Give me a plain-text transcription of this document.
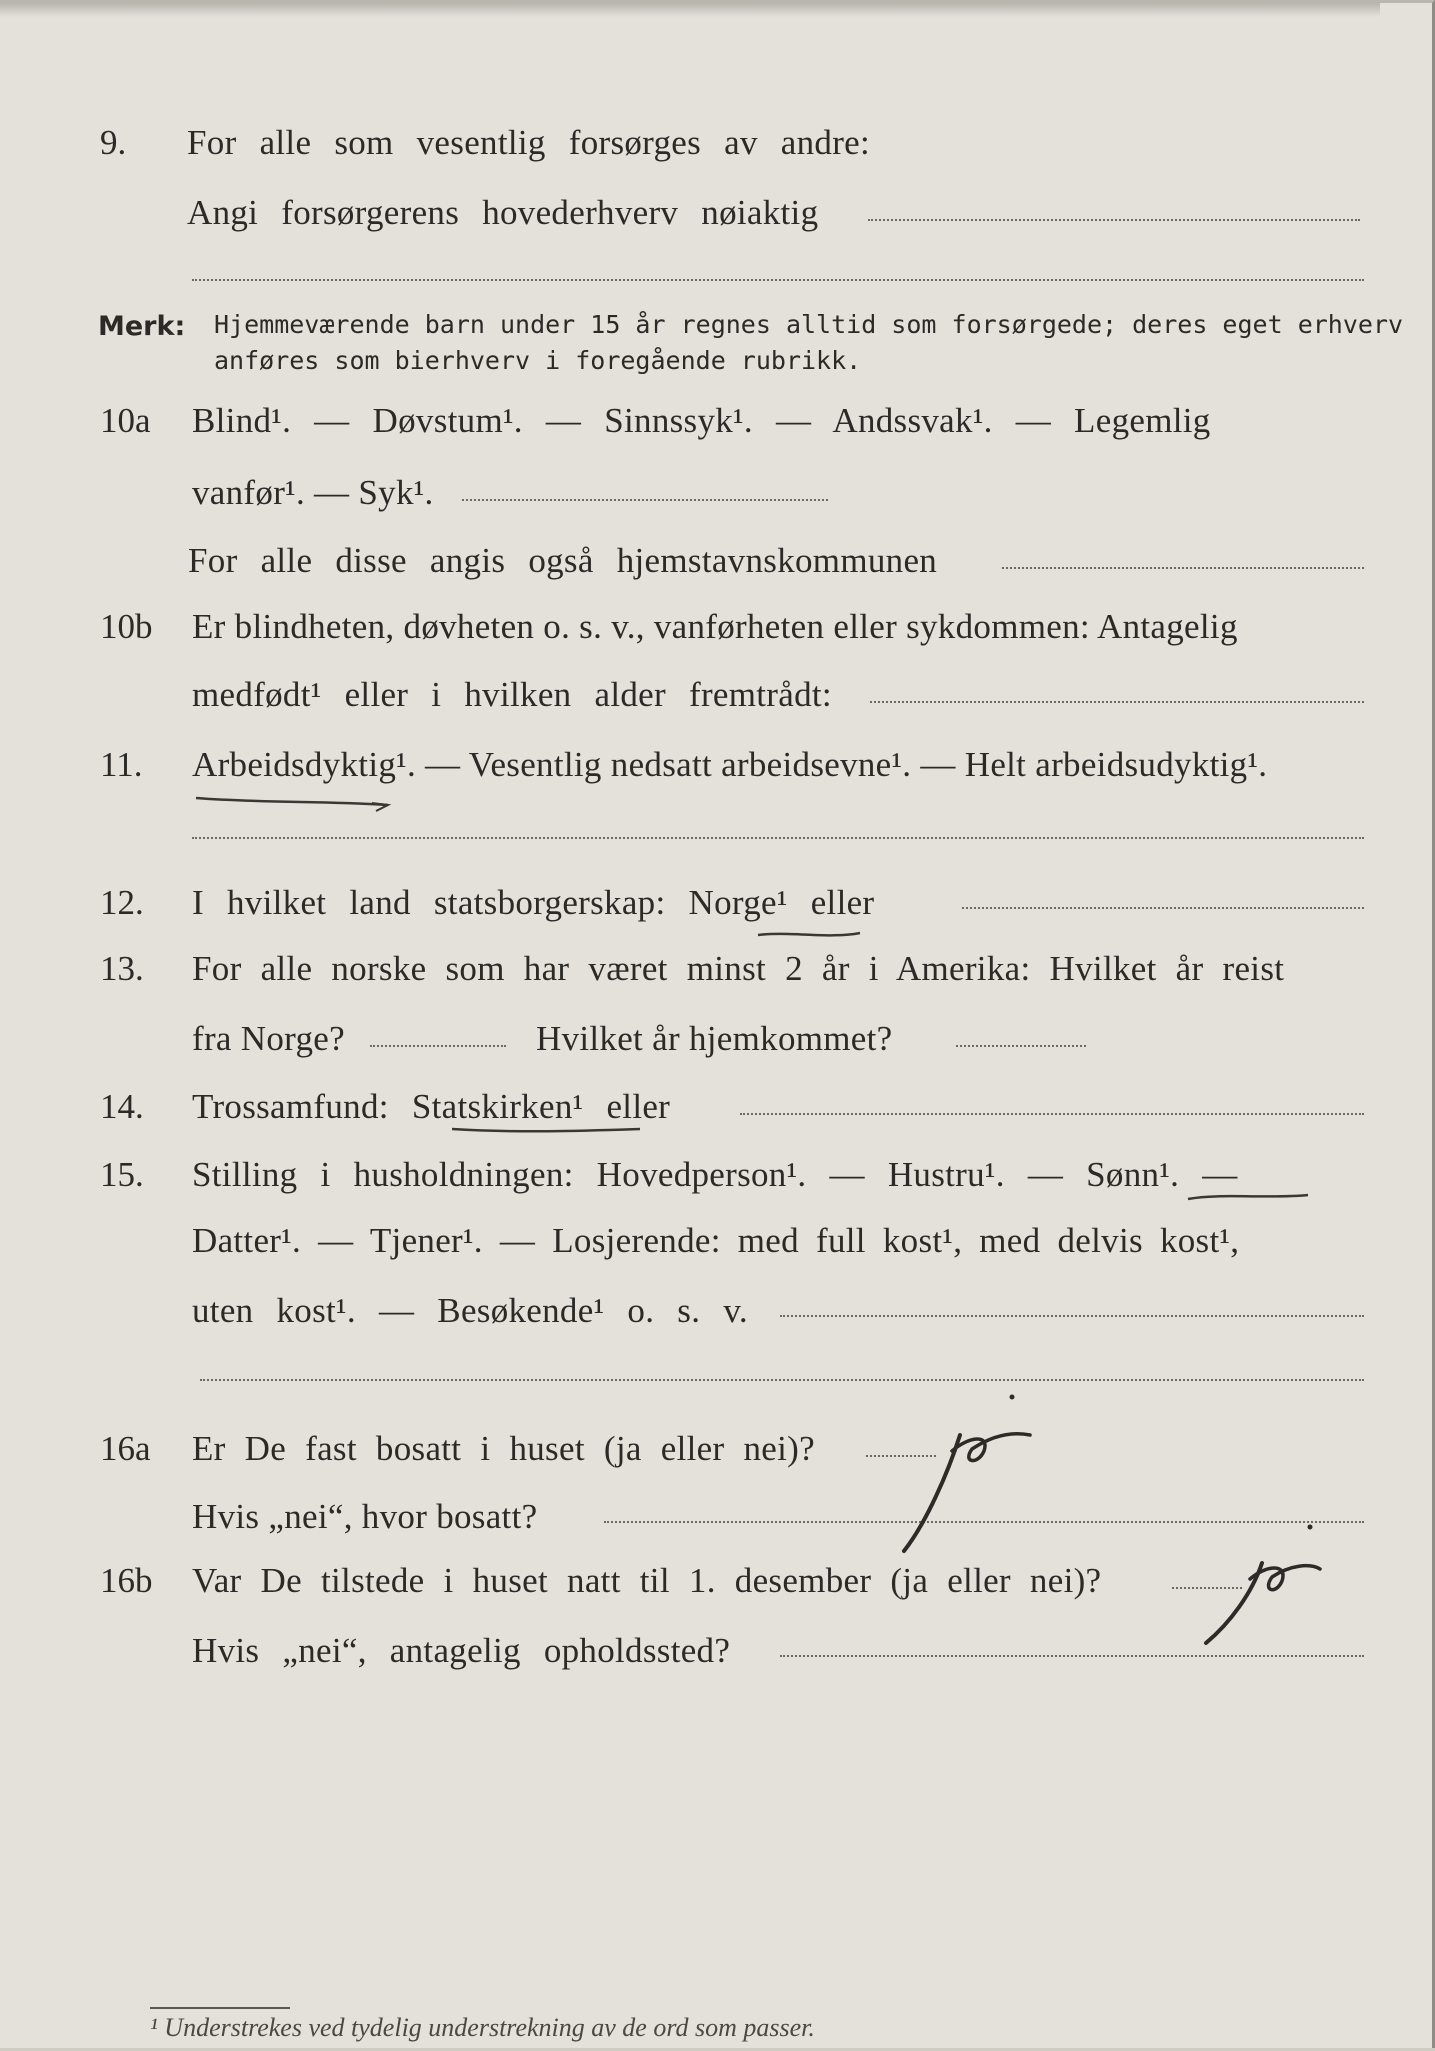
9. For alle som vesentlig forsørges av andre:
Angi forsørgerens hovederhverv nøiaktig
Merk: Hjemmeværende barn under 15 år regnes alltid som forsørgede; deres eget erhverv
anføres som bierhverv i foregående rubrikk.
10a Blind¹. — Døvstum¹. — Sinnssyk¹. — Andssvak¹. — Legemlig
vanfør¹. — Syk¹.
For alle disse angis også hjemstavnskommunen
10b Er blindheten, døvheten o. s. v., vanførheten eller sykdommen: Antagelig
medfødt¹ eller i hvilken alder fremtrådt:
11. Arbeidsdyktig¹. — Vesentlig nedsatt arbeidsevne¹. — Helt arbeidsudyktig¹.
12. I hvilket land statsborgerskap: Norge¹ eller
13. For alle norske som har været minst 2 år i Amerika: Hvilket år reist
fra Norge?	Hvilket år hjemkommet?
14. Trossamfund: Statskirken¹ eller
15. Stilling i husholdningen: Hovedperson¹. — Hustru¹. — Sønn¹. —
Datter¹. — Tjener¹. — Losjerende: med full kost¹, med delvis kost¹,
uten kost¹. — Besøkende¹ o. s. v.
16a Er De fast bosatt i huset (ja eller nei)?
Hvis „nei“, hvor bosatt?
16b Var De tilstede i huset natt til 1. desember (ja eller nei)?
Hvis „nei“, antagelig opholdssted?
¹ Understrekes ved tydelig understrekning av de ord som passer.
